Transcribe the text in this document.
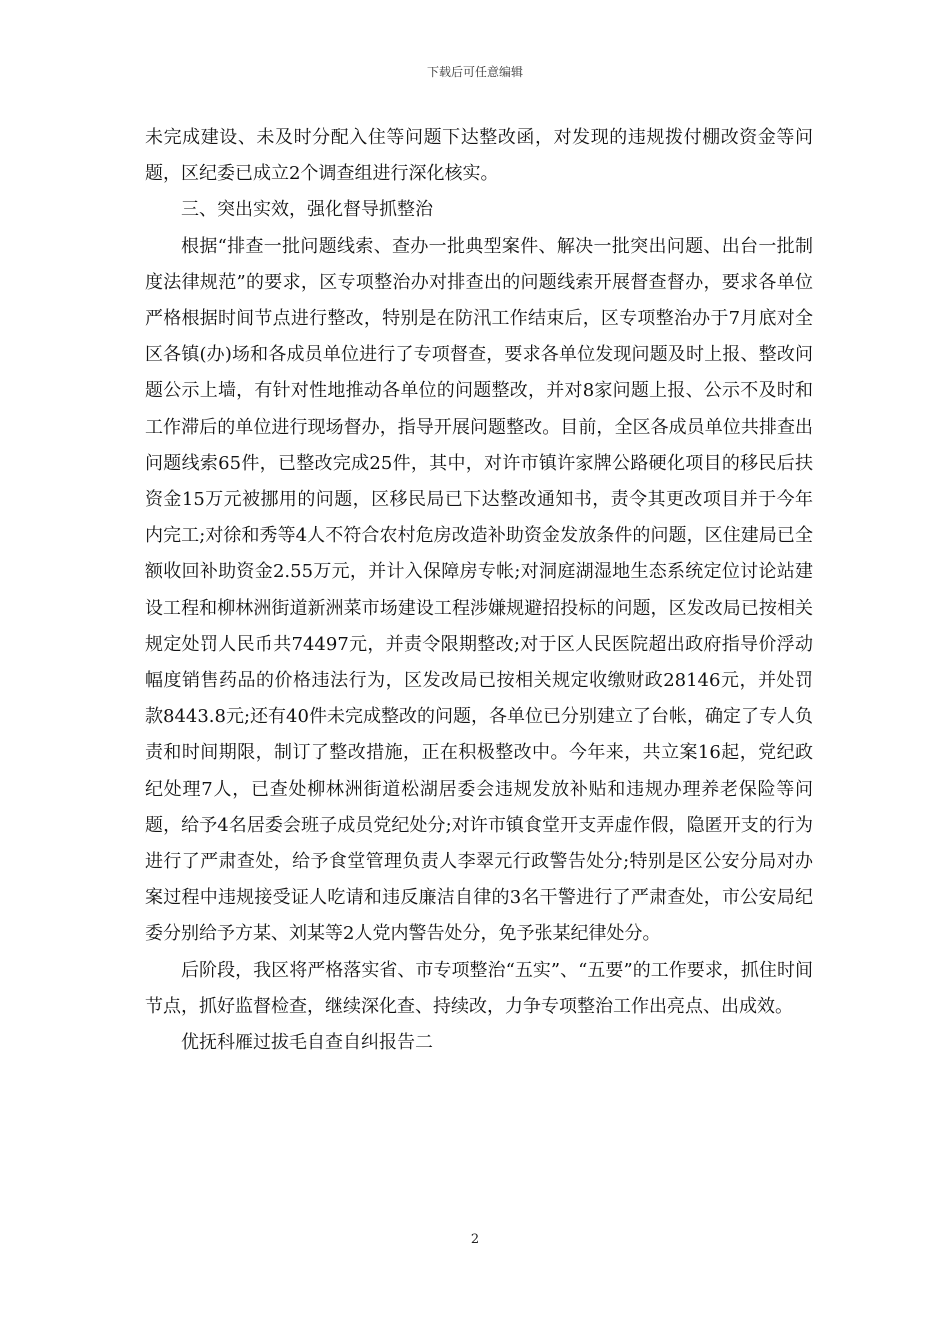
下载后可任意编辑

未完成建设、未及时分配入住等问题下达整改函，对发现的违规拨付棚改资金等问题，区纪委已成立2个调查组进行深化核实。

三、突出实效，强化督导抓整治

根据“排查一批问题线索、查办一批典型案件、解决一批突出问题、出台一批制度法律规范”的要求，区专项整治办对排查出的问题线索开展督查督办，要求各单位严格根据时间节点进行整改，特别是在防汛工作结束后，区专项整治办于7月底对全区各镇(办)场和各成员单位进行了专项督查，要求各单位发现问题及时上报、整改问题公示上墙，有针对性地推动各单位的问题整改，并对8家问题上报、公示不及时和工作滞后的单位进行现场督办，指导开展问题整改。目前，全区各成员单位共排查出问题线索65件，已整改完成25件，其中，对许市镇许家牌公路硬化项目的移民后扶资金15万元被挪用的问题，区移民局已下达整改通知书，责令其更改项目并于今年内完工;对徐和秀等4人不符合农村危房改造补助资金发放条件的问题，区住建局已全额收回补助资金2.55万元，并计入保障房专帐;对洞庭湖湿地生态系统定位讨论站建设工程和柳林洲街道新洲菜市场建设工程涉嫌规避招投标的问题，区发改局已按相关规定处罚人民币共74497元，并责令限期整改;对于区人民医院超出政府指导价浮动幅度销售药品的价格违法行为，区发改局已按相关规定收缴财政28146元，并处罚款8443.8元;还有40件未完成整改的问题，各单位已分别建立了台帐，确定了专人负责和时间期限，制订了整改措施，正在积极整改中。今年来，共立案16起，党纪政纪处理7人，已查处柳林洲街道松湖居委会违规发放补贴和违规办理养老保险等问题，给予4名居委会班子成员党纪处分;对许市镇食堂开支弄虚作假，隐匿开支的行为进行了严肃查处，给予食堂管理负责人李翠元行政警告处分;特别是区公安分局对办案过程中违规接受证人吃请和违反廉洁自律的3名干警进行了严肃查处，市公安局纪委分别给予方某、刘某等2人党内警告处分，免予张某纪律处分。

后阶段，我区将严格落实省、市专项整治“五实”、“五要”的工作要求，抓住时间节点，抓好监督检查，继续深化查、持续改，力争专项整治工作出亮点、出成效。

优抚科雁过拔毛自查自纠报告二

2
